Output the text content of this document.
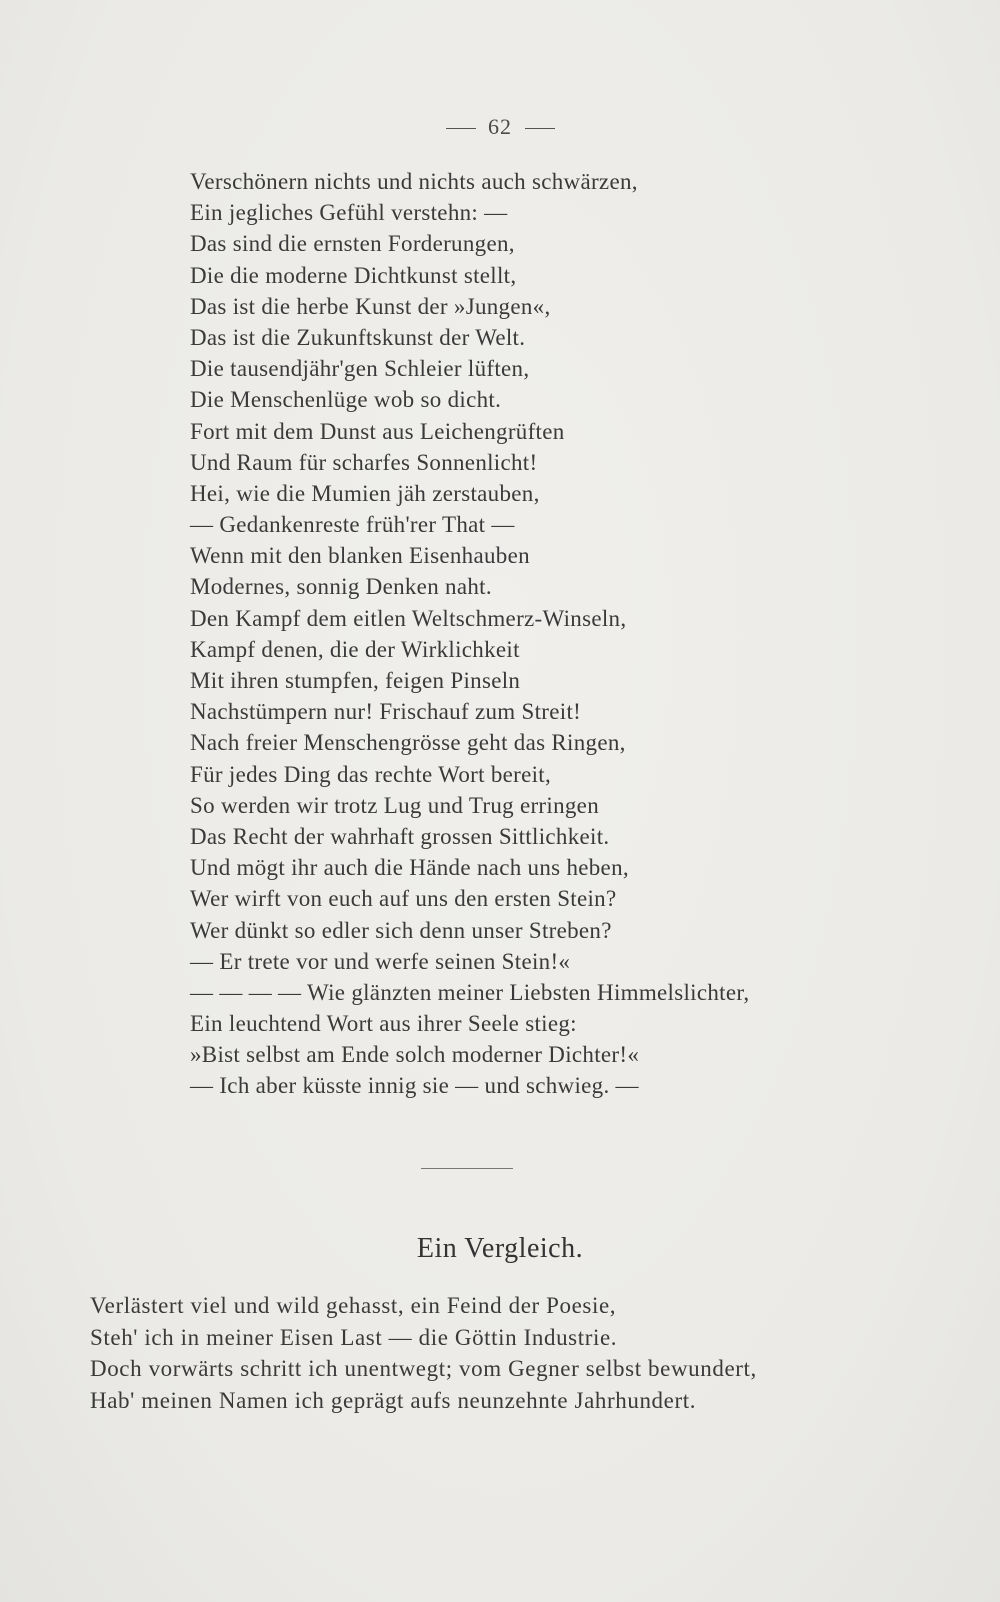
62
Verschönern nichts und nichts auch schwärzen,
Ein jegliches Gefühl verstehn: —
Das sind die ernsten Forderungen,
Die die moderne Dichtkunst stellt,
Das ist die herbe Kunst der »Jungen«,
Das ist die Zukunftskunst der Welt.
Die tausendjähr'gen Schleier lüften,
Die Menschenlüge wob so dicht.
Fort mit dem Dunst aus Leichengrüften
Und Raum für scharfes Sonnenlicht!
Hei, wie die Mumien jäh zerstauben,
— Gedankenreste früh'rer That —
Wenn mit den blanken Eisenhauben
Modernes, sonnig Denken naht.
Den Kampf dem eitlen Weltschmerz-Winseln,
Kampf denen, die der Wirklichkeit
Mit ihren stumpfen, feigen Pinseln
Nachstümpern nur! Frischauf zum Streit!
Nach freier Menschengrösse geht das Ringen,
Für jedes Ding das rechte Wort bereit,
So werden wir trotz Lug und Trug erringen
Das Recht der wahrhaft grossen Sittlichkeit.
Und mögt ihr auch die Hände nach uns heben,
Wer wirft von euch auf uns den ersten Stein?
Wer dünkt so edler sich denn unser Streben?
— Er trete vor und werfe seinen Stein!«
— — — — Wie glänzten meiner Liebsten Himmelslichter,
Ein leuchtend Wort aus ihrer Seele stieg:
»Bist selbst am Ende solch moderner Dichter!«
— Ich aber küsste innig sie — und schwieg. —
Ein Vergleich.
Verlästert viel und wild gehasst, ein Feind der Poesie,
Steh' ich in meiner Eisen Last — die Göttin Industrie.
Doch vorwärts schritt ich unentwegt; vom Gegner selbst bewundert,
Hab' meinen Namen ich geprägt aufs neunzehnte Jahrhundert.
